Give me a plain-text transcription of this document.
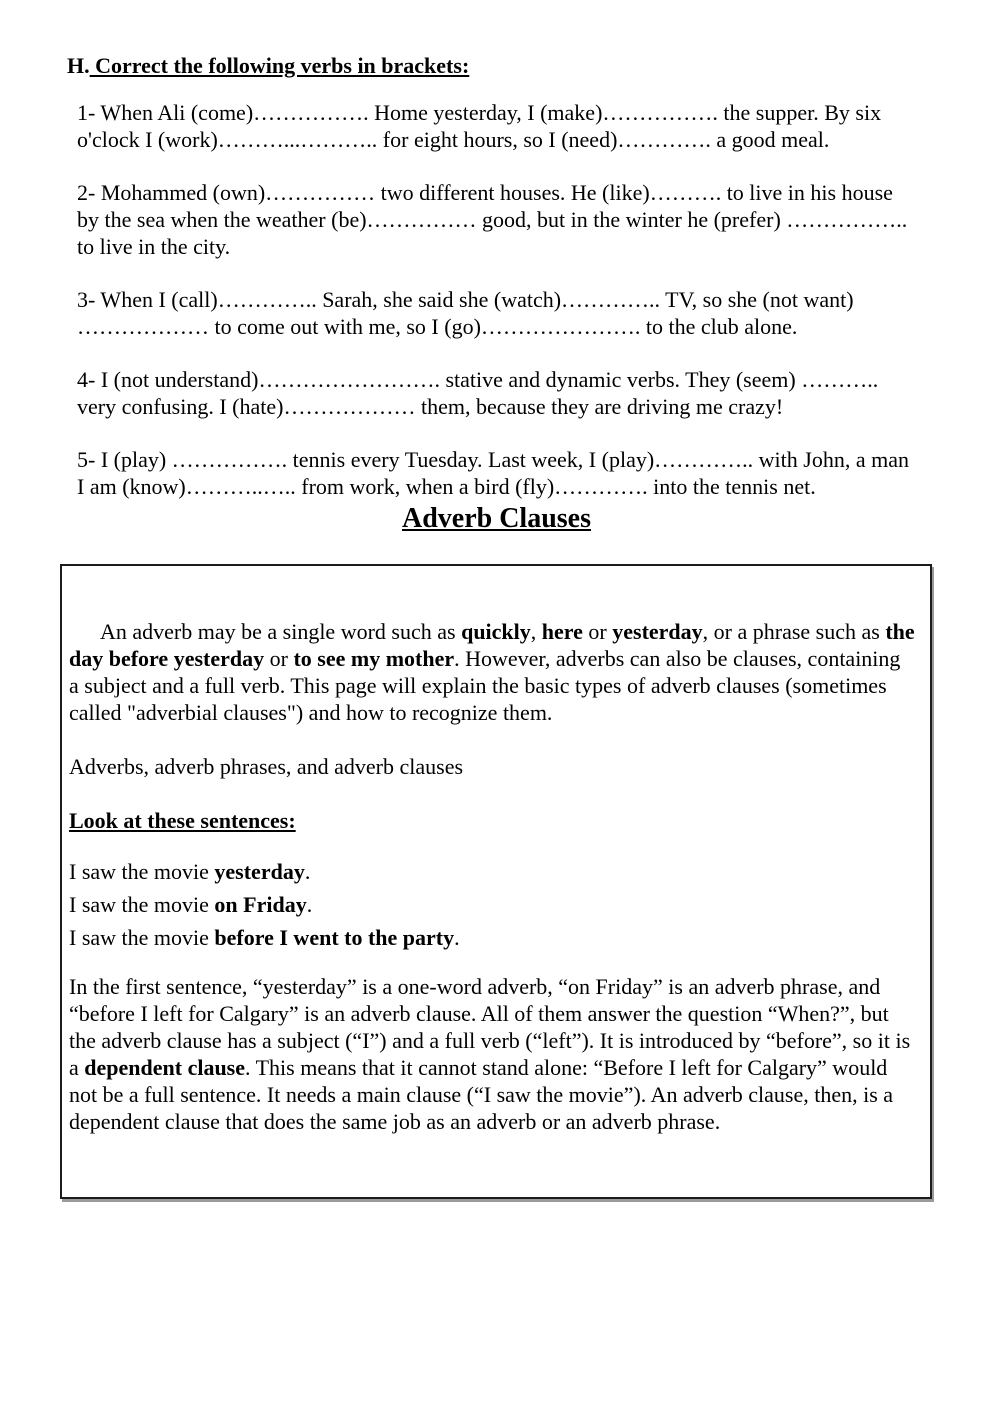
H. Correct the following verbs in brackets:

1- When Ali (come)……………. Home yesterday, I (make)……………. the supper. By six o'clock I (work)………...……….. for eight hours, so I (need)…………. a good meal.

2- Mohammed (own)…………… two different houses. He (like)………. to live in his house by the sea when the weather (be)…………… good, but in the winter he (prefer) …………….. to live in the city.

3- When I (call)………….. Sarah, she said she (watch)………….. TV, so she (not want) ……………… to come out with me, so I (go)…………………. to the club alone.

4- I (not understand)……………………. stative and dynamic verbs. They (seem) ……….. very confusing. I (hate)……………… them, because they are driving me crazy!

5- I (play) ……………. tennis every Tuesday. Last week, I (play)………….. with John, a man I am (know)………..….. from work, when a bird (fly)…………. into the tennis net.

Adverb Clauses

An adverb may be a single word such as quickly, here or yesterday, or a phrase such as the day before yesterday or to see my mother. However, adverbs can also be clauses, containing a subject and a full verb. This page will explain the basic types of adverb clauses (sometimes called "adverbial clauses") and how to recognize them.

Adverbs, adverb phrases, and adverb clauses

Look at these sentences:

I saw the movie yesterday.

I saw the movie on Friday.

I saw the movie before I went to the party.

In the first sentence, “yesterday” is a one-word adverb, “on Friday” is an adverb phrase, and “before I left for Calgary” is an adverb clause. All of them answer the question “When?”, but the adverb clause has a subject (“I”) and a full verb (“left”). It is introduced by “before”, so it is a dependent clause. This means that it cannot stand alone: “Before I left for Calgary” would not be a full sentence. It needs a main clause (“I saw the movie”). An adverb clause, then, is a dependent clause that does the same job as an adverb or an adverb phrase.
